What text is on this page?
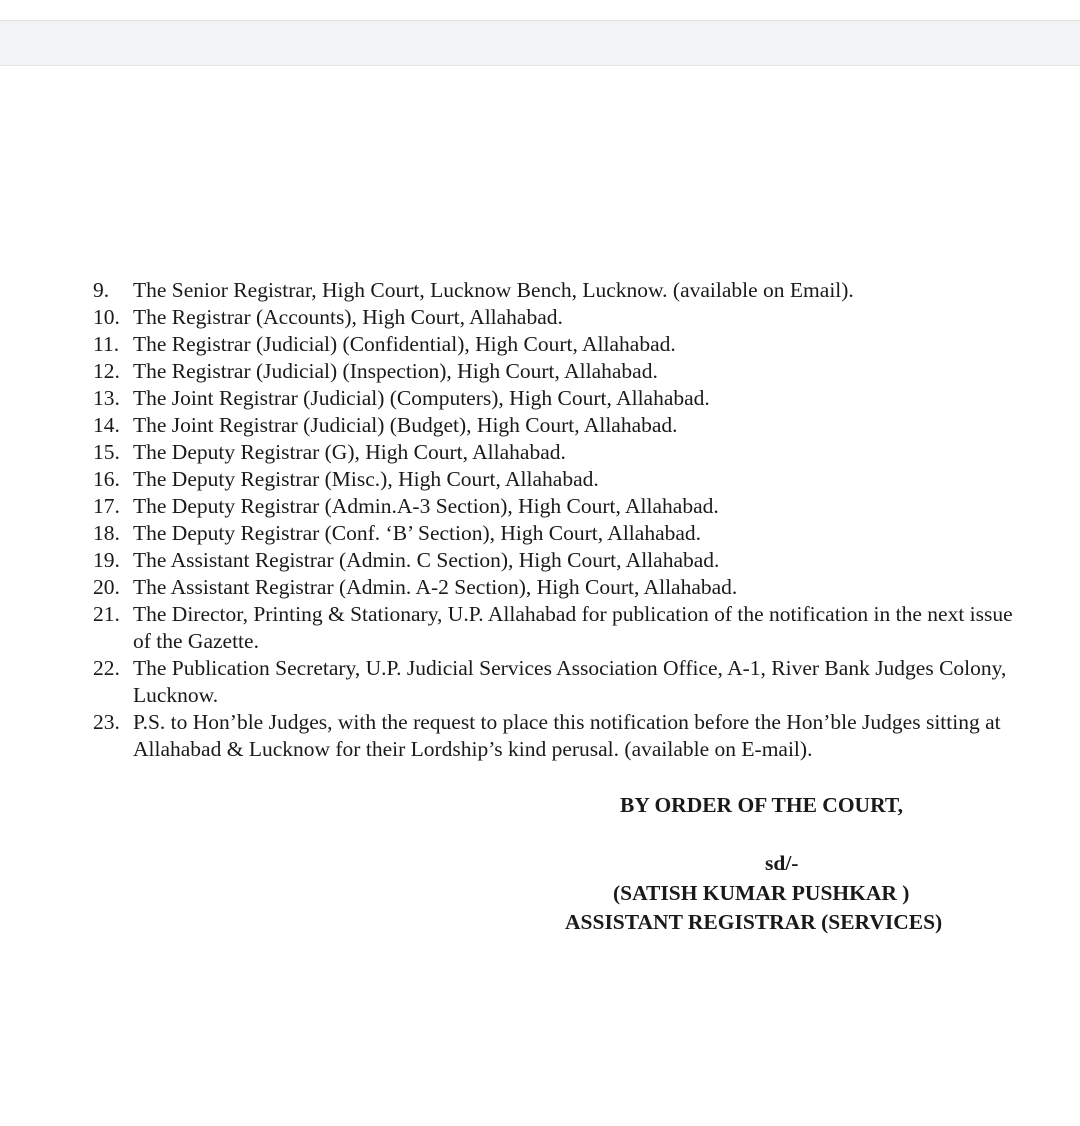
9. The Senior Registrar, High Court, Lucknow Bench, Lucknow. (available on Email).
10. The Registrar (Accounts), High Court, Allahabad.
11. The Registrar (Judicial) (Confidential), High Court, Allahabad.
12. The Registrar (Judicial) (Inspection), High Court, Allahabad.
13. The Joint Registrar (Judicial) (Computers), High Court, Allahabad.
14. The Joint Registrar (Judicial) (Budget), High Court, Allahabad.
15. The Deputy Registrar (G), High Court, Allahabad.
16. The Deputy Registrar (Misc.), High Court, Allahabad.
17. The Deputy Registrar (Admin.A-3 Section), High Court, Allahabad.
18. The Deputy Registrar (Conf. ‘B’ Section), High Court, Allahabad.
19. The Assistant Registrar (Admin. C Section), High Court, Allahabad.
20. The Assistant Registrar (Admin. A-2 Section), High Court, Allahabad.
21. The Director, Printing & Stationary, U.P. Allahabad for publication of the notification in the next issue of the Gazette.
22. The Publication Secretary, U.P. Judicial Services Association Office, A-1, River Bank Judges Colony, Lucknow.
23. P.S. to Hon’ble Judges, with the request to place this notification before the Hon’ble Judges sitting at Allahabad & Lucknow for their Lordship’s kind perusal. (available on E-mail).
BY ORDER OF THE COURT,
sd/-
(SATISH KUMAR PUSHKAR )
ASSISTANT REGISTRAR (SERVICES)
